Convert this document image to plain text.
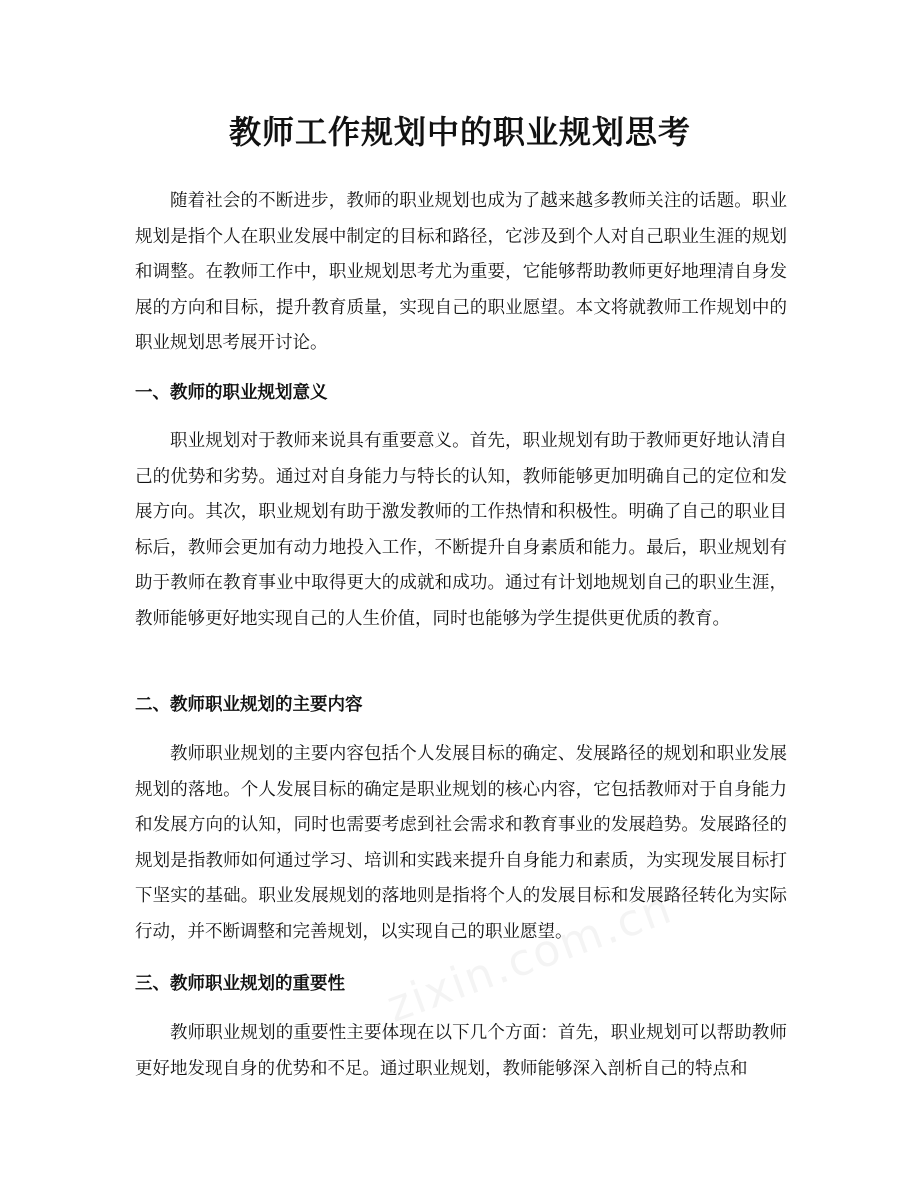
教师工作规划中的职业规划思考

随着社会的不断进步，教师的职业规划也成为了越来越多教师关注的话题。职业规划是指个人在职业发展中制定的目标和路径，它涉及到个人对自己职业生涯的规划和调整。在教师工作中，职业规划思考尤为重要，它能够帮助教师更好地理清自身发展的方向和目标，提升教育质量，实现自己的职业愿望。本文将就教师工作规划中的职业规划思考展开讨论。

一、教师的职业规划意义

职业规划对于教师来说具有重要意义。首先，职业规划有助于教师更好地认清自己的优势和劣势。通过对自身能力与特长的认知，教师能够更加明确自己的定位和发展方向。其次，职业规划有助于激发教师的工作热情和积极性。明确了自己的职业目标后，教师会更加有动力地投入工作，不断提升自身素质和能力。最后，职业规划有助于教师在教育事业中取得更大的成就和成功。通过有计划地规划自己的职业生涯，教师能够更好地实现自己的人生价值，同时也能够为学生提供更优质的教育。

二、教师职业规划的主要内容

教师职业规划的主要内容包括个人发展目标的确定、发展路径的规划和职业发展规划的落地。个人发展目标的确定是职业规划的核心内容，它包括教师对于自身能力和发展方向的认知，同时也需要考虑到社会需求和教育事业的发展趋势。发展路径的规划是指教师如何通过学习、培训和实践来提升自身能力和素质，为实现发展目标打下坚实的基础。职业发展规划的落地则是指将个人的发展目标和发展路径转化为实际行动，并不断调整和完善规划，以实现自己的职业愿望。

三、教师职业规划的重要性

教师职业规划的重要性主要体现在以下几个方面：首先，职业规划可以帮助教师更好地发现自身的优势和不足。通过职业规划，教师能够深入剖析自己的特点和
